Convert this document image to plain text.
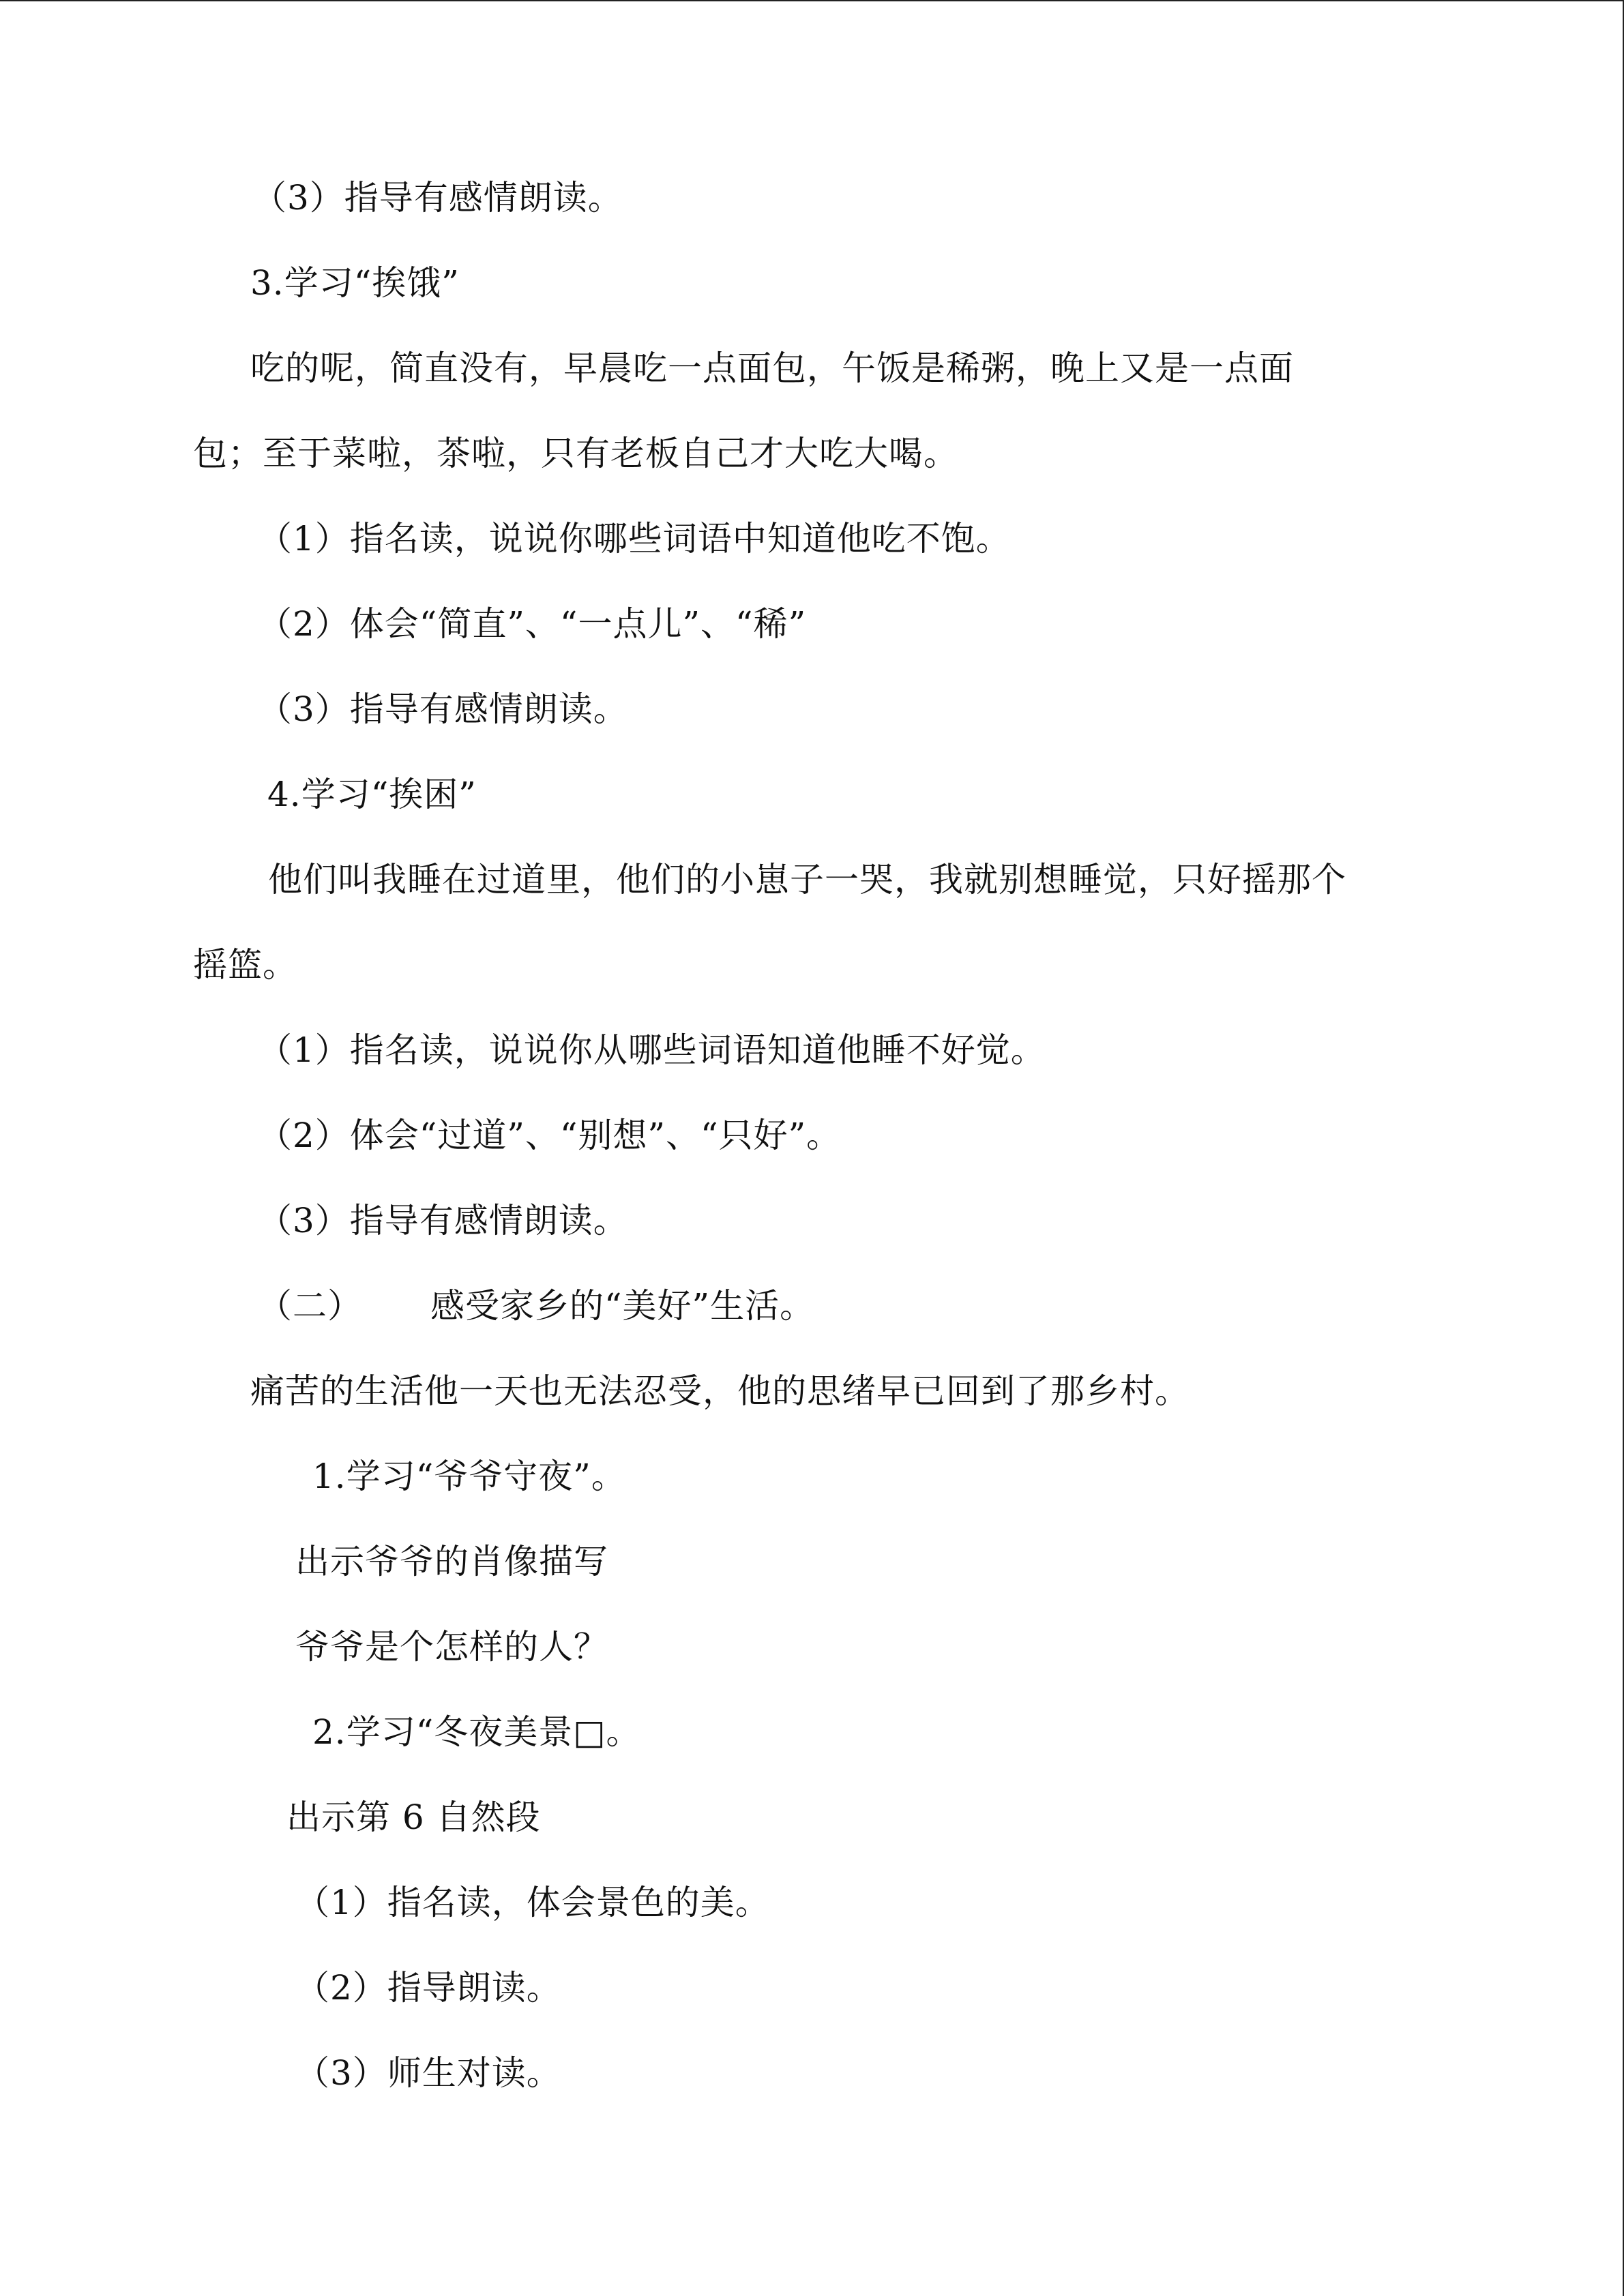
（3）指导有感情朗读。
3.学习“挨饿”
吃的呢，简直没有，早晨吃一点面包，午饭是稀粥，晚上又是一点面
包；至于菜啦，茶啦，只有老板自己才大吃大喝。
（1）指名读，说说你哪些词语中知道他吃不饱。
（2）体会“简直”、“一点儿”、“稀”
（3）指导有感情朗读。
4.学习“挨困”
他们叫我睡在过道里，他们的小崽子一哭，我就别想睡觉，只好摇那个
摇篮。
（1）指名读，说说你从哪些词语知道他睡不好觉。
（2）体会“过道”、“别想”、“只好”。
（3）指导有感情朗读。
（二） 感受家乡的“美好”生活。
痛苦的生活他一天也无法忍受，他的思绪早已回到了那乡村。
1.学习“爷爷守夜”。
出示爷爷的肖像描写
爷爷是个怎样的人？
2.学习“冬夜美景□。
出示第 6 自然段
（1）指名读，体会景色的美。
（2）指导朗读。
（3）师生对读。
